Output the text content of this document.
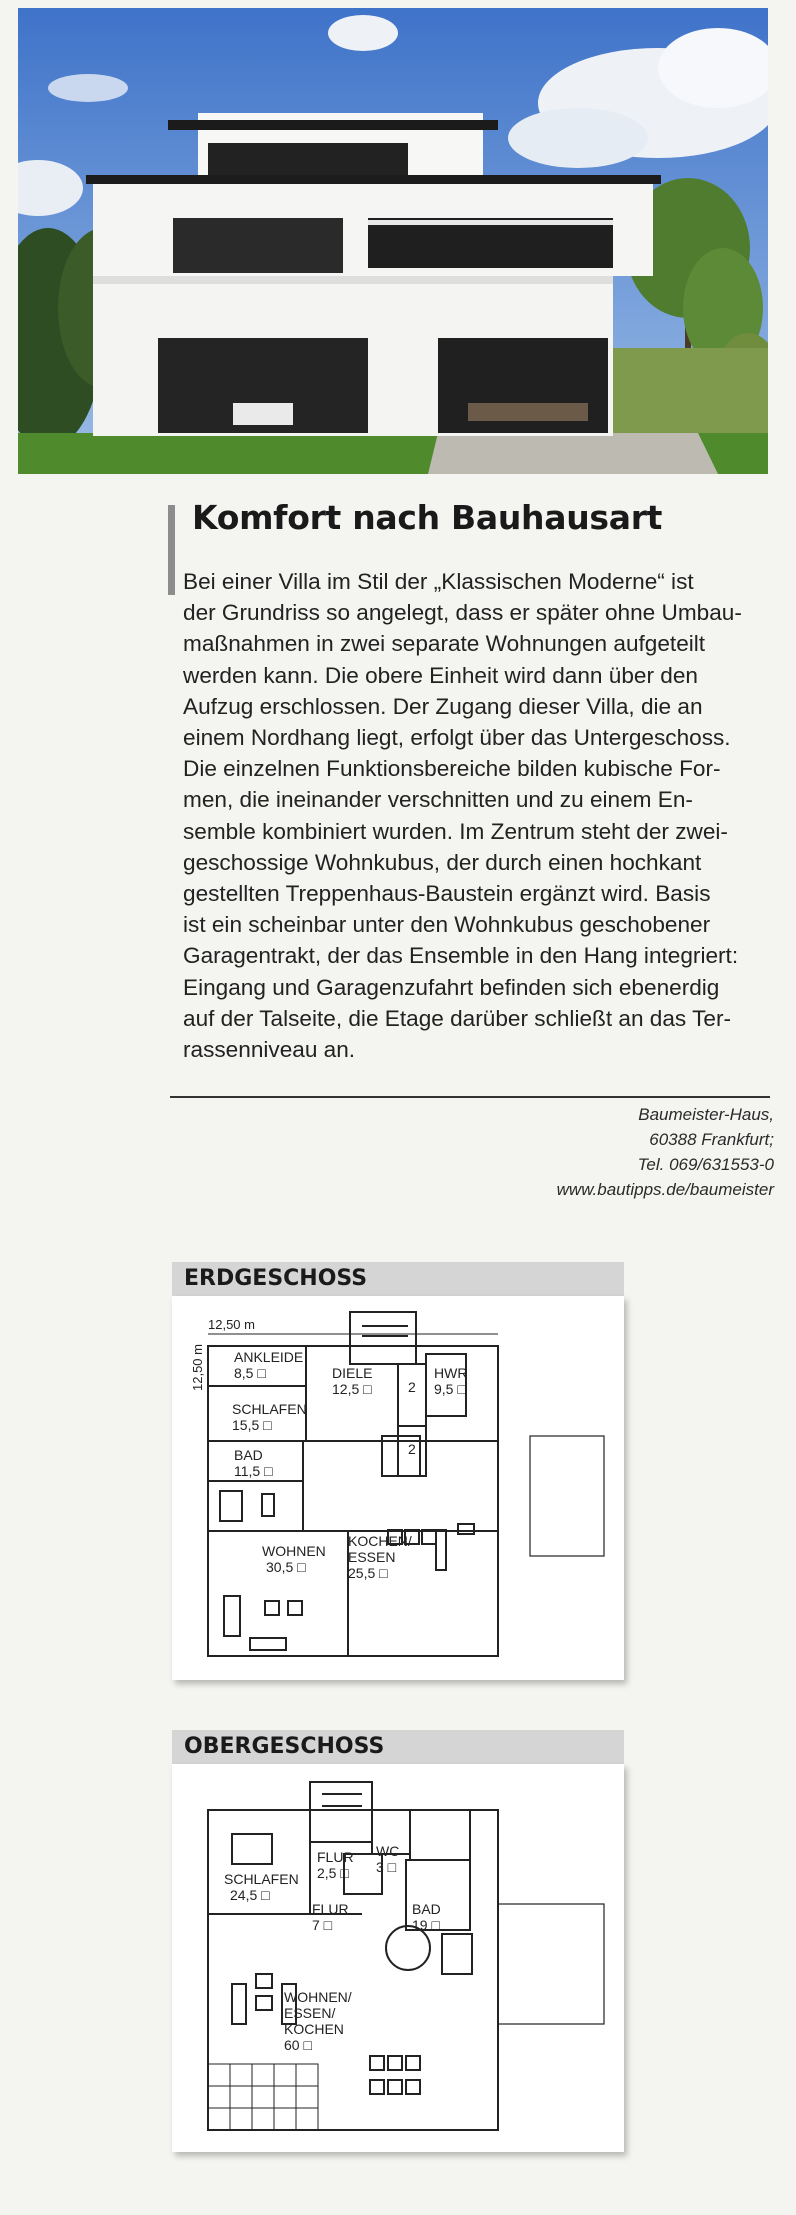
Komfort nach Bauhausart
Bei einer Villa im Stil der „Klassischen Moderne“ ist
der Grundriss so angelegt, dass er später ohne Umbau-
maßnahmen in zwei separate Wohnungen aufgeteilt
werden kann. Die obere Einheit wird dann über den
Aufzug erschlossen. Der Zugang dieser Villa, die an
einem Nordhang liegt, erfolgt über das Untergeschoss.
Die einzelnen Funktionsbereiche bilden kubische For-
men, die ineinander verschnitten und zu einem En-
semble kombiniert wurden. Im Zentrum steht der zwei-
geschossige Wohnkubus, der durch einen hochkant
gestellten Treppenhaus-Baustein ergänzt wird. Basis
ist ein scheinbar unter den Wohnkubus geschobener
Garagentrakt, der das Ensemble in den Hang integriert:
Eingang und Garagenzufahrt befinden sich ebenerdig
auf der Talseite, die Etage darüber schließt an das Ter-
rassenniveau an.
Baumeister-Haus,
60388 Frankfurt;
Tel. 069/631553-0
www.bautipps.de/baumeister
ERDGESCHOSS
12,50 m
12,50 m ANKLEIDE
8,5 □
SCHLAFEN
15,5 □
BAD
11,5 □
WOHNEN
30,5 □
DIELE
12,5 □
HWR
9,5 □
KOCHEN/
ESSEN
25,5 □
2
2
OBERGESCHOSS
SCHLAFEN
24,5 □
FLUR
2,5 □
WC
3 □
FLUR
7 □
BAD
19 □
WOHNEN/
ESSEN/
KOCHEN
60 □
